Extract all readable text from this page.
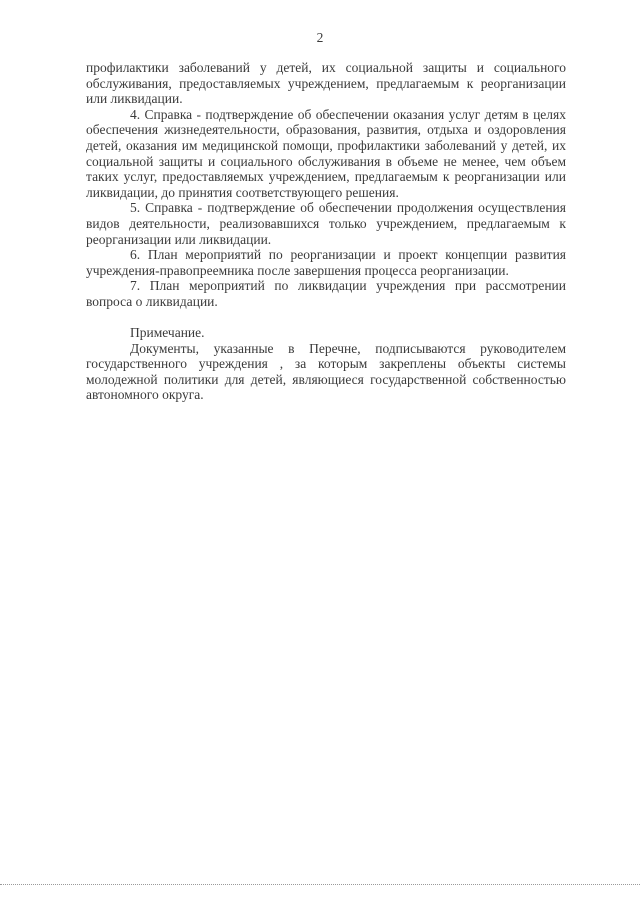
2

профилактики заболеваний у детей, их социальной защиты и социального обслуживания, предоставляемых учреждением, предлагаемым к реорганизации или ликвидации.

4. Справка - подтверждение об обеспечении оказания услуг детям в целях обеспечения жизнедеятельности, образования, развития, отдыха и оздоровления детей, оказания им медицинской помощи, профилактики заболеваний у детей, их социальной защиты и социального обслуживания в объеме не менее, чем объем таких услуг, предоставляемых учреждением, предлагаемым к реорганизации или ликвидации, до принятия соответствующего решения.

5. Справка - подтверждение об обеспечении продолжения осуществления видов деятельности, реализовавшихся только учреждением, предлагаемым к реорганизации или ликвидации.

6. План мероприятий по реорганизации и проект концепции развития учреждения-правопреемника после завершения процесса реорганизации.

7. План мероприятий по ликвидации учреждения при рассмотрении вопроса о ликвидации.

Примечание.

Документы, указанные в Перечне, подписываются руководителем государственного учреждения , за которым закреплены объекты системы молодежной политики для детей, являющиеся государственной собственностью автономного округа.
